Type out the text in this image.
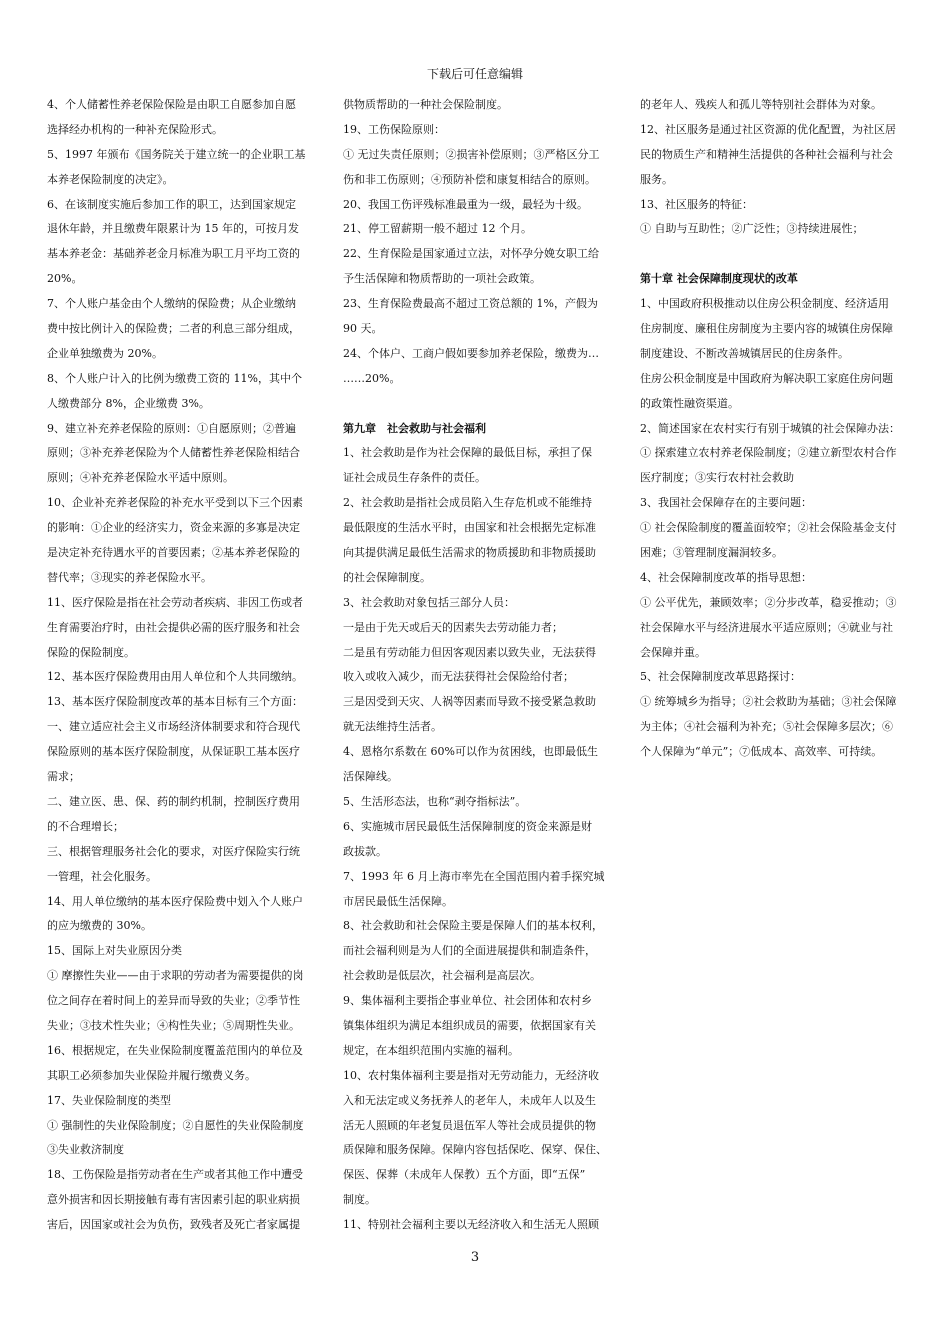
下载后可任意编辑
4、个人储蓄性养老保险保险是由职工自愿参加自愿
选择经办机构的一种补充保险形式。
5、1997 年颁布《国务院关于建立统一的企业职工基
本养老保险制度的决定》。
6、在该制度实施后参加工作的职工，达到国家规定
退休年龄，并且缴费年限累计为 15 年的，可按月发
基本养老金：基础养老金月标准为职工月平均工资的
20%。
7、个人账户基金由个人缴纳的保险费；从企业缴纳
费中按比例计入的保险费；二者的利息三部分组成，
企业单独缴费为 20%。
8、个人账户计入的比例为缴费工资的 11%，其中个
人缴费部分 8%，企业缴费 3%。
9、建立补充养老保险的原则：①自愿原则；②普遍
原则；③补充养老保险为个人储蓄性养老保险相结合
原则；④补充养老保险水平适中原则。
10、企业补充养老保险的补充水平受到以下三个因素
的影响：①企业的经济实力，资金来源的多寡是决定
是决定补充待遇水平的首要因素；②基本养老保险的
替代率；③现实的养老保险水平。
11、医疗保险是指在社会劳动者疾病、非因工伤或者
生育需要治疗时，由社会提供必需的医疗服务和社会
保险的保险制度。
12、基本医疗保险费用由用人单位和个人共同缴纳。
13、基本医疗保险制度改革的基本目标有三个方面：
一、建立适应社会主义市场经济体制要求和符合现代
保险原则的基本医疗保险制度，从保证职工基本医疗
需求；
二、建立医、患、保、药的制约机制，控制医疗费用
的不合理增长；
三、根据管理服务社会化的要求，对医疗保险实行统
一管理，社会化服务。
14、用人单位缴纳的基本医疗保险费中划入个人账户
的应为缴费的 30%。
15、国际上对失业原因分类
① 摩擦性失业——由于求职的劳动者为需要提供的岗
位之间存在着时间上的差异而导致的失业；②季节性
失业；③技术性失业；④构性失业；⑤周期性失业。
16、根据规定，在失业保险制度覆盖范围内的单位及
其职工必须参加失业保险并履行缴费义务。
17、失业保险制度的类型
① 强制性的失业保险制度；②自愿性的失业保险制度
③失业救济制度
18、工伤保险是指劳动者在生产或者其他工作中遭受
意外损害和因长期接触有毒有害因素引起的职业病损
害后，因国家或社会为负伤，致残者及死亡者家属提
供物质帮助的一种社会保险制度。
19、工伤保险原则：
① 无过失责任原则；②损害补偿原则；③严格区分工
伤和非工伤原则；④预防补偿和康复相结合的原则。
20、我国工伤评残标准最重为一级，最轻为十级。
21、停工留薪期一般不超过 12 个月。
22、生育保险是国家通过立法，对怀孕分娩女职工给
予生活保障和物质帮助的一项社会政策。
23、生育保险费最高不超过工资总额的 1%，产假为
90 天。
24、个体户、工商户假如要参加养老保险，缴费为…
……20%。
第九章　社会救助与社会福利
1、社会救助是作为社会保障的最低目标，承担了保
证社会成员生存条件的责任。
2、社会救助是指社会成员陷入生存危机或不能维持
最低限度的生活水平时，由国家和社会根据先定标准
向其提供满足最低生活需求的物质援助和非物质援助
的社会保障制度。
3、社会救助对象包括三部分人员：
一是由于先天或后天的因素失去劳动能力者；
二是虽有劳动能力但因客观因素以致失业，无法获得
收入或收入减少，而无法获得社会保险给付者；
三是因受到天灾、人祸等因素而导致不接受紧急救助
就无法维持生活者。
4、恩格尔系数在 60%可以作为贫困线，也即最低生
活保障线。
5、生活形态法，也称“剥夺指标法”。
6、实施城市居民最低生活保障制度的资金来源是财
政拔款。
7、1993 年 6 月上海市率先在全国范围内着手探究城
市居民最低生活保障。
8、社会救助和社会保险主要是保障人们的基本权利，
而社会福利则是为人们的全面进展提供和制造条件，
社会救助是低层次，社会福利是高层次。
9、集体福利主要指企事业单位、社会团体和农村乡
镇集体组织为满足本组织成员的需要，依据国家有关
规定，在本组织范围内实施的福利。
10、农村集体福利主要是指对无劳动能力，无经济收
入和无法定或义务抚养人的老年人，未成年人以及生
活无人照顾的年老复员退伍军人等社会成员提供的物
质保障和服务保障。保障内容包括保吃、保穿、保住、
保医、保葬（未成年人保教）五个方面，即“五保”
制度。
11、特别社会福利主要以无经济收入和生活无人照顾
的老年人、残疾人和孤儿等特别社会群体为对象。
12、社区服务是通过社区资源的优化配置，为社区居
民的物质生产和精神生活提供的各种社会福利与社会
服务。
13、社区服务的特征：
① 自助与互助性；②广泛性；③持续进展性；
第十章 社会保障制度现状的改革
1、中国政府积极推动以住房公积金制度、经济适用
住房制度、廉租住房制度为主要内容的城镇住房保障
制度建设、不断改善城镇居民的住房条件。
住房公积金制度是中国政府为解决职工家庭住房问题
的政策性融资渠道。
2、简述国家在农村实行有别于城镇的社会保障办法：
① 探索建立农村养老保险制度；②建立新型农村合作
医疗制度；③实行农村社会救助
3、我国社会保障存在的主要问题：
① 社会保险制度的覆盖面较窄；②社会保险基金支付
困难；③管理制度漏洞较多。
4、社会保障制度改革的指导思想：
① 公平优先，兼顾效率；②分步改革，稳妥推动；③
社会保障水平与经济进展水平适应原则；④就业与社
会保障并重。
5、社会保障制度改革思路探讨：
① 统筹城乡为指导；②社会救助为基础；③社会保障
为主体；④社会福利为补充；⑤社会保障多层次；⑥
个人保障为“单元”；⑦低成本、高效率、可持续。
3
